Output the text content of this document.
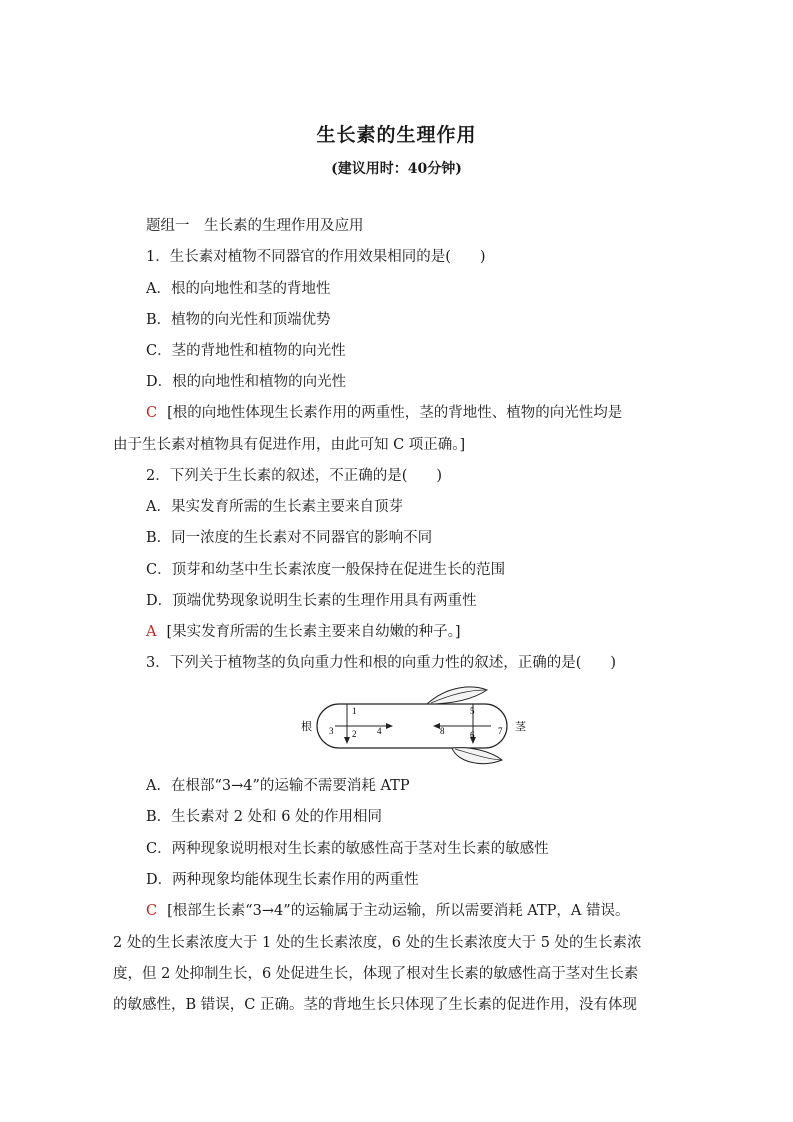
生长素的生理作用
(建议用时：40分钟)
题组一　生长素的生理作用及应用
1．生长素对植物不同器官的作用效果相同的是(　　)
A．根的向地性和茎的背地性
B．植物的向光性和顶端优势
C．茎的背地性和植物的向光性
D．根的向地性和植物的向光性
C [根的向地性体现生长素作用的两重性，茎的背地性、植物的向光性均是
由于生长素对植物具有促进作用，由此可知 C 项正确。]
2．下列关于生长素的叙述，不正确的是(　　)
A．果实发育所需的生长素主要来自顶芽
B．同一浓度的生长素对不同器官的影响不同
C．顶芽和幼茎中生长素浓度一般保持在促进生长的范围
D．顶端优势现象说明生长素的生理作用具有两重性
A [果实发育所需的生长素主要来自幼嫩的种子。]
3．下列关于植物茎的负向重力性和根的向重力性的叙述，正确的是(　　)
根	茎
1
2
3	4
5
6	7
8
A．在根部“3→4”的运输不需要消耗 ATP
B．生长素对 2 处和 6 处的作用相同
C．两种现象说明根对生长素的敏感性高于茎对生长素的敏感性
D．两种现象均能体现生长素作用的两重性
C [根部生长素“3→4”的运输属于主动运输，所以需要消耗 ATP，A 错误。
2 处的生长素浓度大于 1 处的生长素浓度，6 处的生长素浓度大于 5 处的生长素浓
度，但 2 处抑制生长，6 处促进生长，体现了根对生长素的敏感性高于茎对生长素
的敏感性，B 错误，C 正确。茎的背地生长只体现了生长素的促进作用，没有体现
